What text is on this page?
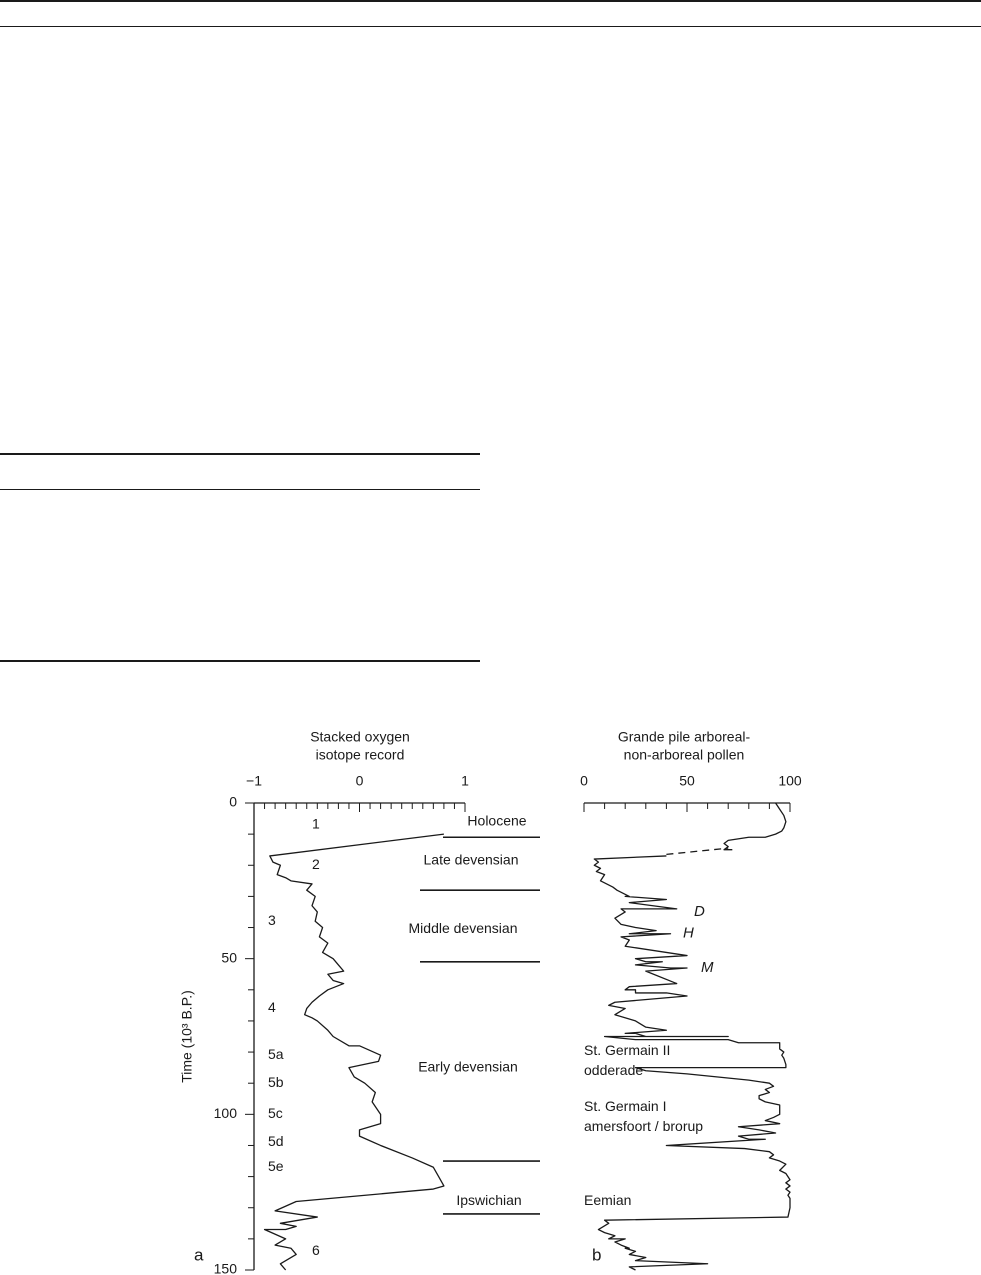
Stacked oxygen
isotope record
−1	0	1
0
50
100
150
Time (10³ B.P.)
1
2
3
4
5a
5b
5c
5d
5e
6
Grande pile arboreal-
non-arboreal pollen
0	50	100
D
H
M
St. Germain II
odderade
St. Germain I
amersfoort / brorup
Eemian
Holocene
Late devensian
Middle devensian
Early devensian
Ipswichian
a	b
